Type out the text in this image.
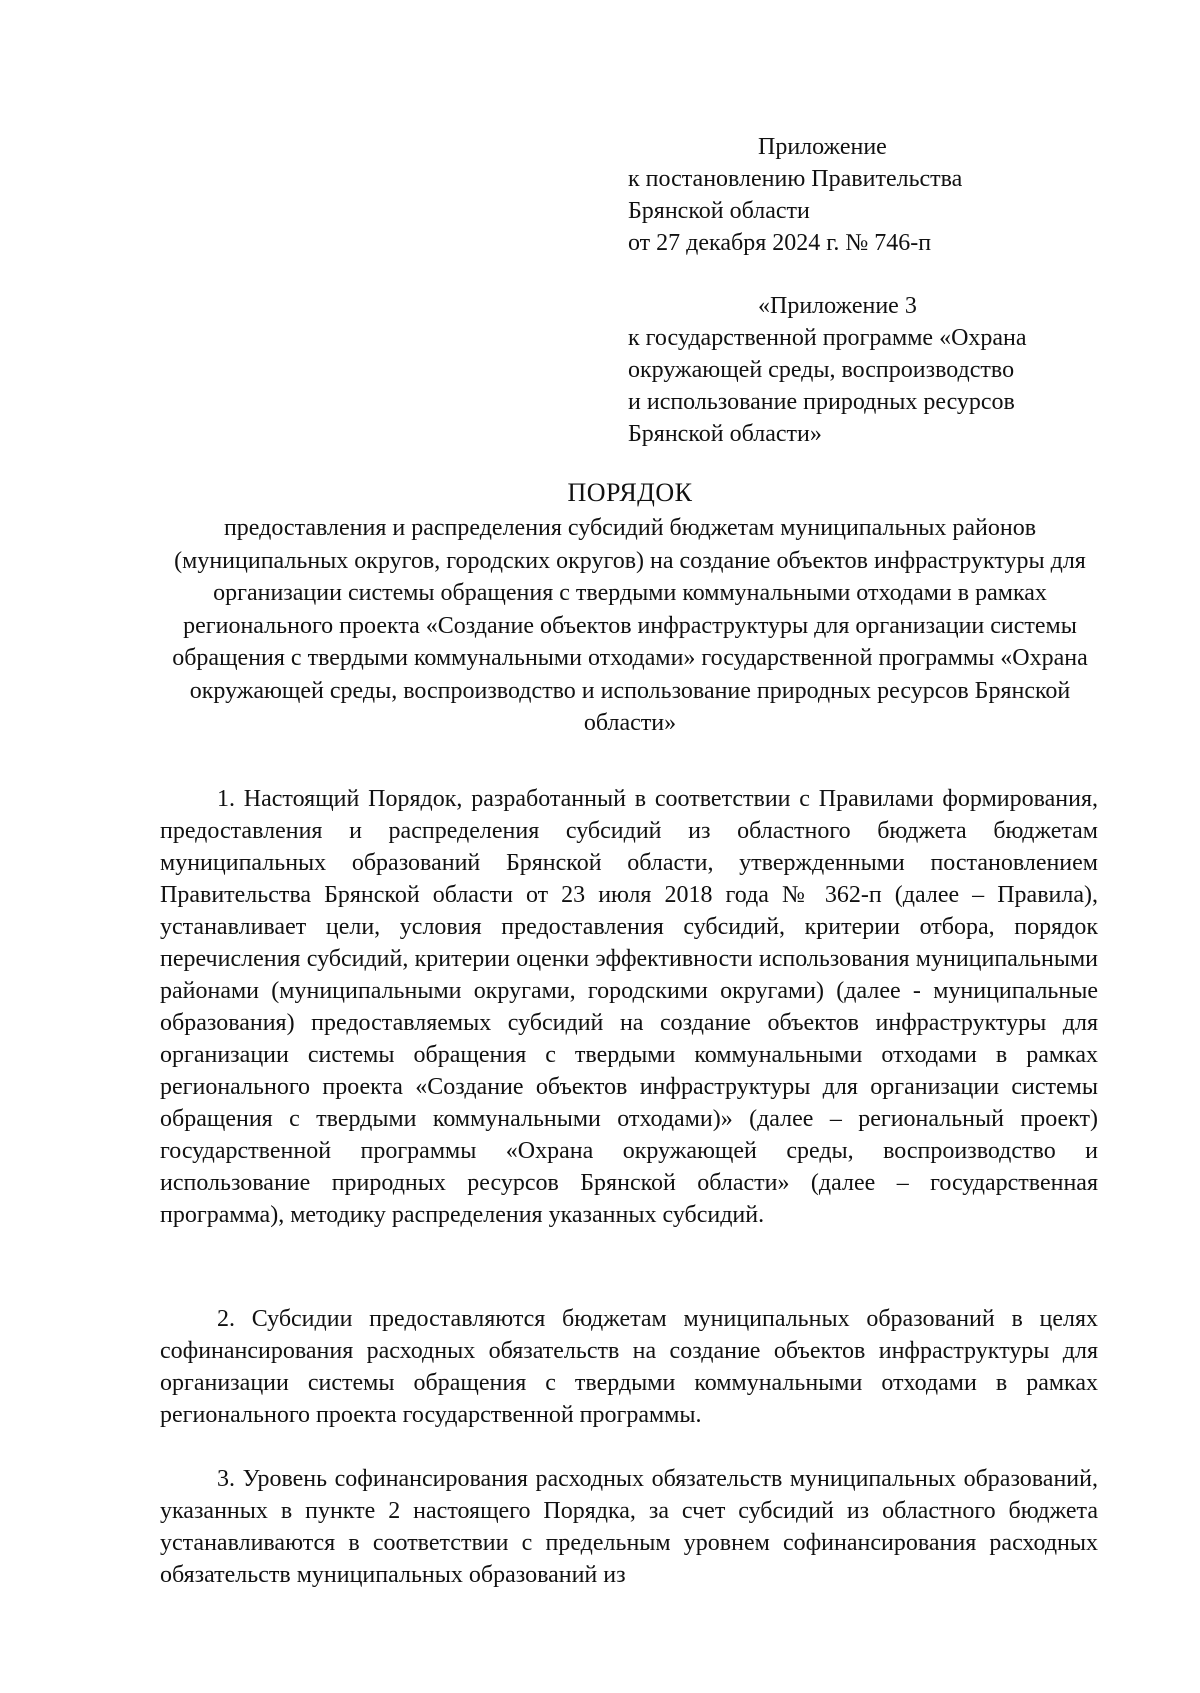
Приложение
к постановлению Правительства
Брянской области
от 27 декабря 2024 г. № 746-п
«Приложение 3
к государственной программе «Охрана
окружающей среды, воспроизводство
и использование природных ресурсов
Брянской области»
ПОРЯДОК
предоставления и распределения субсидий бюджетам муниципальных районов (муниципальных округов, городских округов) на создание объектов инфраструктуры для организации системы обращения с твердыми коммунальными отходами в рамках регионального проекта «Создание объектов инфраструктуры для организации системы обращения с твердыми коммунальными отходами» государственной программы «Охрана окружающей среды, воспроизводство и использование природных ресурсов Брянской области»

1. Настоящий Порядок, разработанный в соответствии с Правилами формирования, предоставления и распределения субсидий из областного бюджета бюджетам муниципальных образований Брянской области, утвержденными постановлением Правительства Брянской области от 23 июля 2018 года № 362-п (далее – Правила), устанавливает цели, условия предоставления субсидий, критерии отбора, порядок перечисления субсидий, критерии оценки эффективности использования муниципальными районами (муниципальными округами, городскими округами) (далее - муниципальные образования) предоставляемых субсидий на создание объектов инфраструктуры для организации системы обращения с твердыми коммунальными отходами в рамках регионального проекта «Создание объектов инфраструктуры для организации системы обращения с твердыми коммунальными отходами)» (далее – региональный проект) государственной программы «Охрана окружающей среды, воспроизводство и использование природных ресурсов Брянской области» (далее – государственная программа), методику распределения указанных субсидий.

2. Субсидии предоставляются бюджетам муниципальных образований в целях софинансирования расходных обязательств на создание объектов инфраструктуры для организации системы обращения с твердыми коммунальными отходами в рамках регионального проекта государственной программы.

3. Уровень софинансирования расходных обязательств муниципальных образований, указанных в пункте 2 настоящего Порядка, за счет субсидий из областного бюджета устанавливаются в соответствии с предельным уровнем софинансирования расходных обязательств муниципальных образований из
